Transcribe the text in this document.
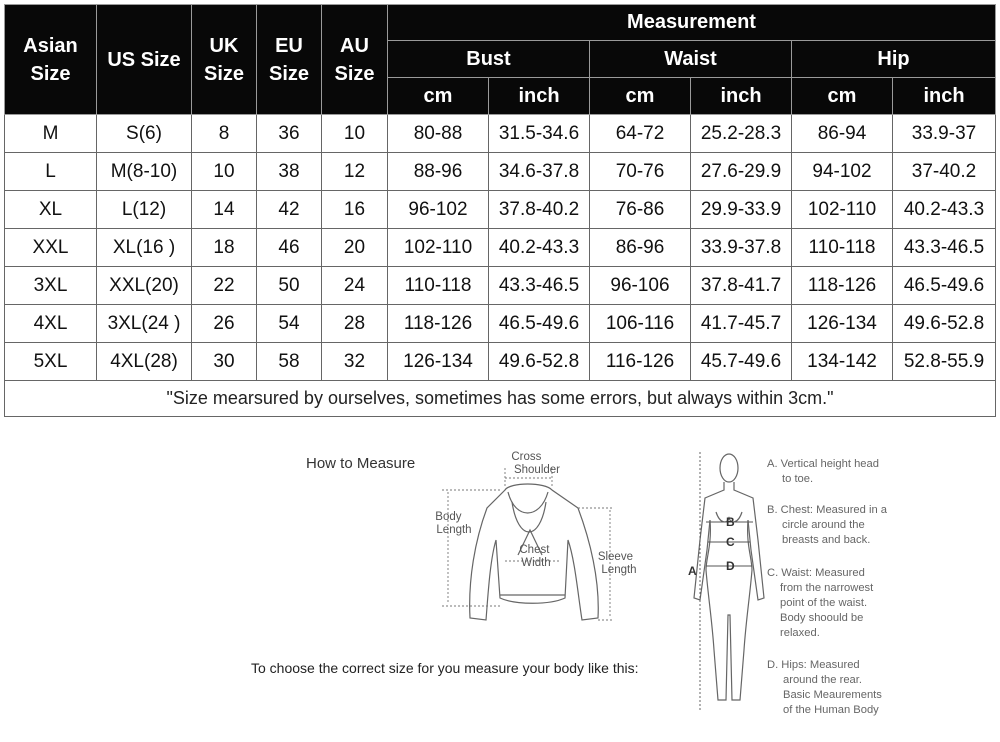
Asian Size	US Size	UK Size	EU Size	AU Size	Measurement					
					Bust		Waist		Hip	
					cm	inch	cm	inch	cm	inch
M	S(6)	8	36	10	80-88	31.5-34.6	64-72	25.2-28.3	86-94	33.9-37
L	M(8-10)	10	38	12	88-96	34.6-37.8	70-76	27.6-29.9	94-102	37-40.2
XL	L(12)	14	42	16	96-102	37.8-40.2	76-86	29.9-33.9	102-110	40.2-43.3
XXL	XL(16 )	18	46	20	102-110	40.2-43.3	86-96	33.9-37.8	110-118	43.3-46.5
3XL	XXL(20)	22	50	24	110-118	43.3-46.5	96-106	37.8-41.7	118-126	46.5-49.6
4XL	3XL(24 )	26	54	28	118-126	46.5-49.6	106-116	41.7-45.7	126-134	49.6-52.8
5XL	4XL(28)	30	58	32	126-134	49.6-52.8	116-126	45.7-49.6	134-142	52.8-55.9
"Size mearsured by ourselves, sometimes has some errors, but always within 3cm."										
How to Measure	Cross Shoulder
Body Length
Chest Width	Sleeve Length
To choose the correct size for you measure your body like this:
A B C D
A. Vertical height head to toe.
B. Chest: Measured in a circle around the breasts and back.
C. Waist: Measured from the narrowest point of the waist. Body shoould be relaxed.
D. Hips: Measured around the rear. Basic Meaurements of the Human Body
